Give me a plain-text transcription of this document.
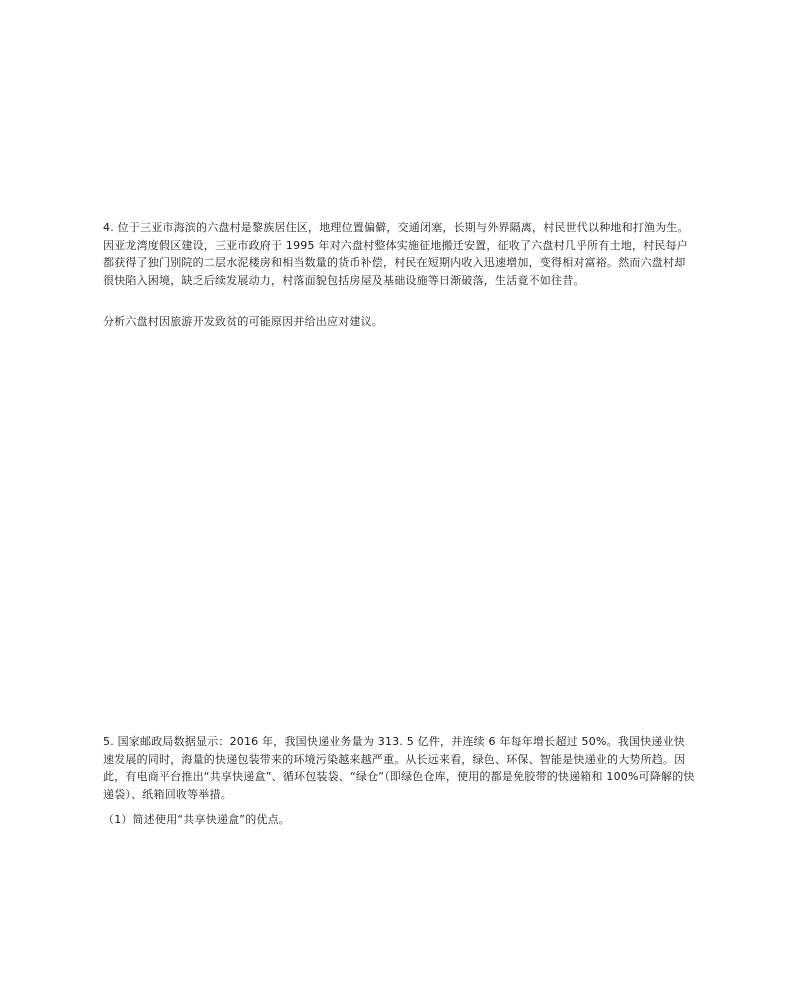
4. 位于三亚市海滨的六盘村是黎族居住区，地理位置偏僻，交通闭塞，长期与外界隔离，村民世代以种地和打渔为生。因亚龙湾度假区建设，三亚市政府于 1995 年对六盘村整体实施征地搬迁安置，征收了六盘村几乎所有土地，村民每户都获得了独门别院的二层水泥楼房和相当数量的货币补偿，村民在短期内收入迅速增加，变得相对富裕。然而六盘村却很快陷入困境，缺乏后续发展动力，村落面貌包括房屋及基础设施等日渐破落，生活竟不如往昔。

分析六盘村因旅游开发致贫的可能原因并给出应对建议。

5. 国家邮政局数据显示：2016 年，我国快递业务量为 313. 5 亿件，并连续 6 年每年增长超过 50%。我国快递业快速发展的同时，海量的快递包装带来的环境污染越来越严重。从长远来看，绿色、环保、智能是快递业的大势所趋。因此，有电商平台推出“共享快递盒”、循环包装袋、“绿仓”（即绿色仓库，使用的都是免胶带的快递箱和 100%可降解的快递袋）、纸箱回收等举措。

（1）简述使用“共享快递盒”的优点。
